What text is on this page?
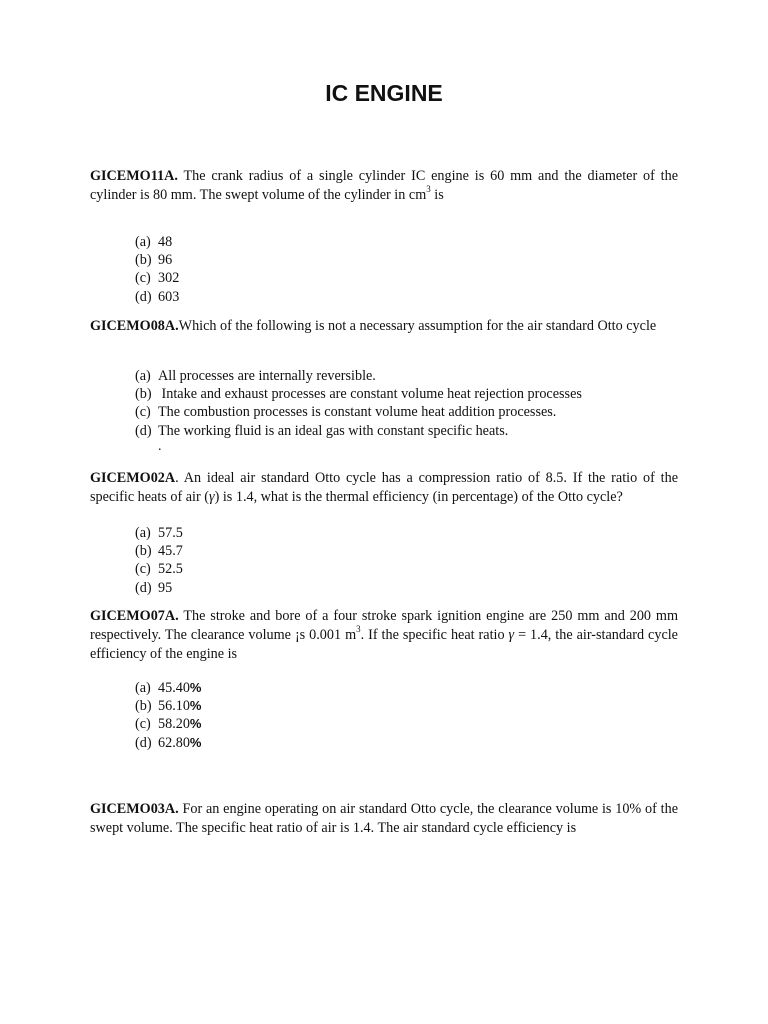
IC ENGINE
GICEMO11A. The crank radius of a single cylinder IC engine is 60 mm and the diameter of the cylinder is 80 mm. The swept volume of the cylinder in $cm^3$ is
(a) 48
(b) 96
(c) 302
(d) 603
GICEMO08A.Which of the following is not a necessary assumption for the air standard Otto cycle
(a) All processes are internally reversible.
(b) Intake and exhaust processes are constant volume heat rejection processes
(c) The combustion processes is constant volume heat addition processes.
(d) The working fluid is an ideal gas with constant specific heats.
.
GICEMO02A. An ideal air standard Otto cycle has a compression ratio of 8.5. If the ratio of the specific heats of air (γ) is 1.4, what is the thermal efficiency (in percentage) of the Otto cycle?
(a) 57.5
(b) 45.7
(c) 52.5
(d) 95
GICEMO07A. The stroke and bore of a four stroke spark ignition engine are 250 mm and 200 mm respectively. The clearance volume ¡s 0.001 $m^3$. If the specific heat ratio γ = 1.4, the air-standard cycle efficiency of the engine is
(a) 45.40%
(b) 56.10%
(c) 58.20%
(d) 62.80%
GICEMO03A. For an engine operating on air standard Otto cycle, the clearance volume is 10% of the swept volume. The specific heat ratio of air is 1.4. The air standard cycle efficiency is
